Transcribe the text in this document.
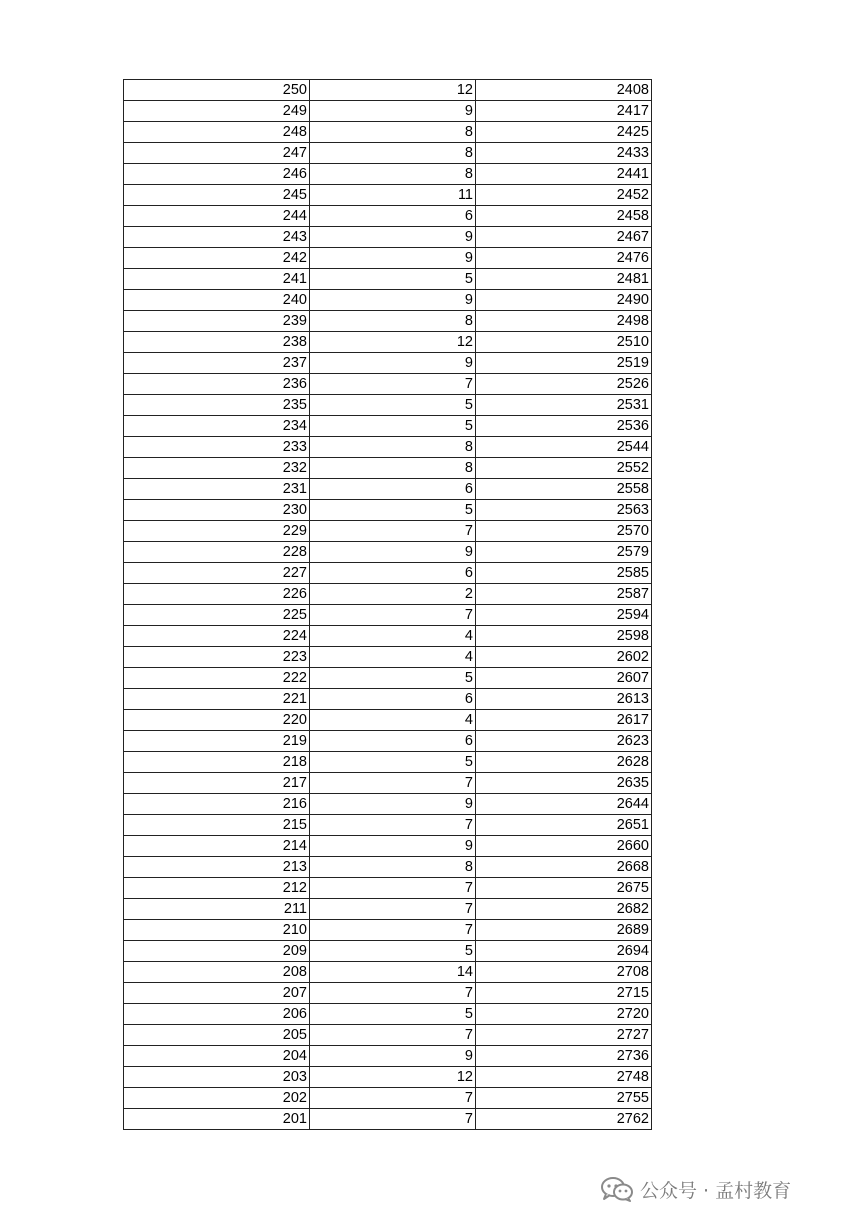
250	12	2408
249	9	2417
248	8	2425
247	8	2433
246	8	2441
245	11	2452
244	6	2458
243	9	2467
242	9	2476
241	5	2481
240	9	2490
239	8	2498
238	12	2510
237	9	2519
236	7	2526
235	5	2531
234	5	2536
233	8	2544
232	8	2552
231	6	2558
230	5	2563
229	7	2570
228	9	2579
227	6	2585
226	2	2587
225	7	2594
224	4	2598
223	4	2602
222	5	2607
221	6	2613
220	4	2617
219	6	2623
218	5	2628
217	7	2635
216	9	2644
215	7	2651
214	9	2660
213	8	2668
212	7	2675
211	7	2682
210	7	2689
209	5	2694
208	14	2708
207	7	2715
206	5	2720
205	7	2727
204	9	2736
203	12	2748
202	7	2755
201	7	2762
公众号 · 孟村教育
